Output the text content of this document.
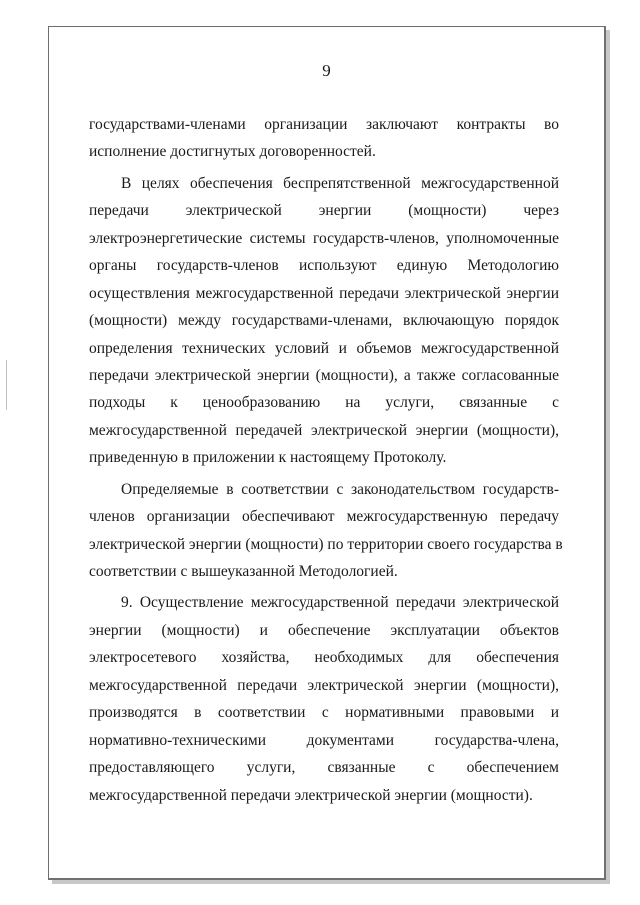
9
государствами-членами организации заключают контракты во
исполнение достигнутых договоренностей.
В целях обеспечения беспрепятственной межгосударственной
передачи электрической энергии (мощности) через
электроэнергетические системы государств-членов, уполномоченные
органы государств-членов используют единую Методологию
осуществления межгосударственной передачи электрической энергии
(мощности) между государствами-членами, включающую порядок
определения технических условий и объемов межгосударственной
передачи электрической энергии (мощности), а также согласованные
подходы к ценообразованию на услуги, связанные с
межгосударственной передачей электрической энергии (мощности),
приведенную в приложении к настоящему Протоколу.
Определяемые в соответствии с законодательством государств-
членов организации обеспечивают межгосударственную передачу
электрической энергии (мощности) по территории своего государства в
соответствии с вышеуказанной Методологией.
9. Осуществление межгосударственной передачи электрической
энергии (мощности) и обеспечение эксплуатации объектов
электросетевого хозяйства, необходимых для обеспечения
межгосударственной передачи электрической энергии (мощности),
производятся в соответствии с нормативными правовыми и
нормативно-техническими документами государства-члена,
предоставляющего услуги, связанные с обеспечением
межгосударственной передачи электрической энергии (мощности).
